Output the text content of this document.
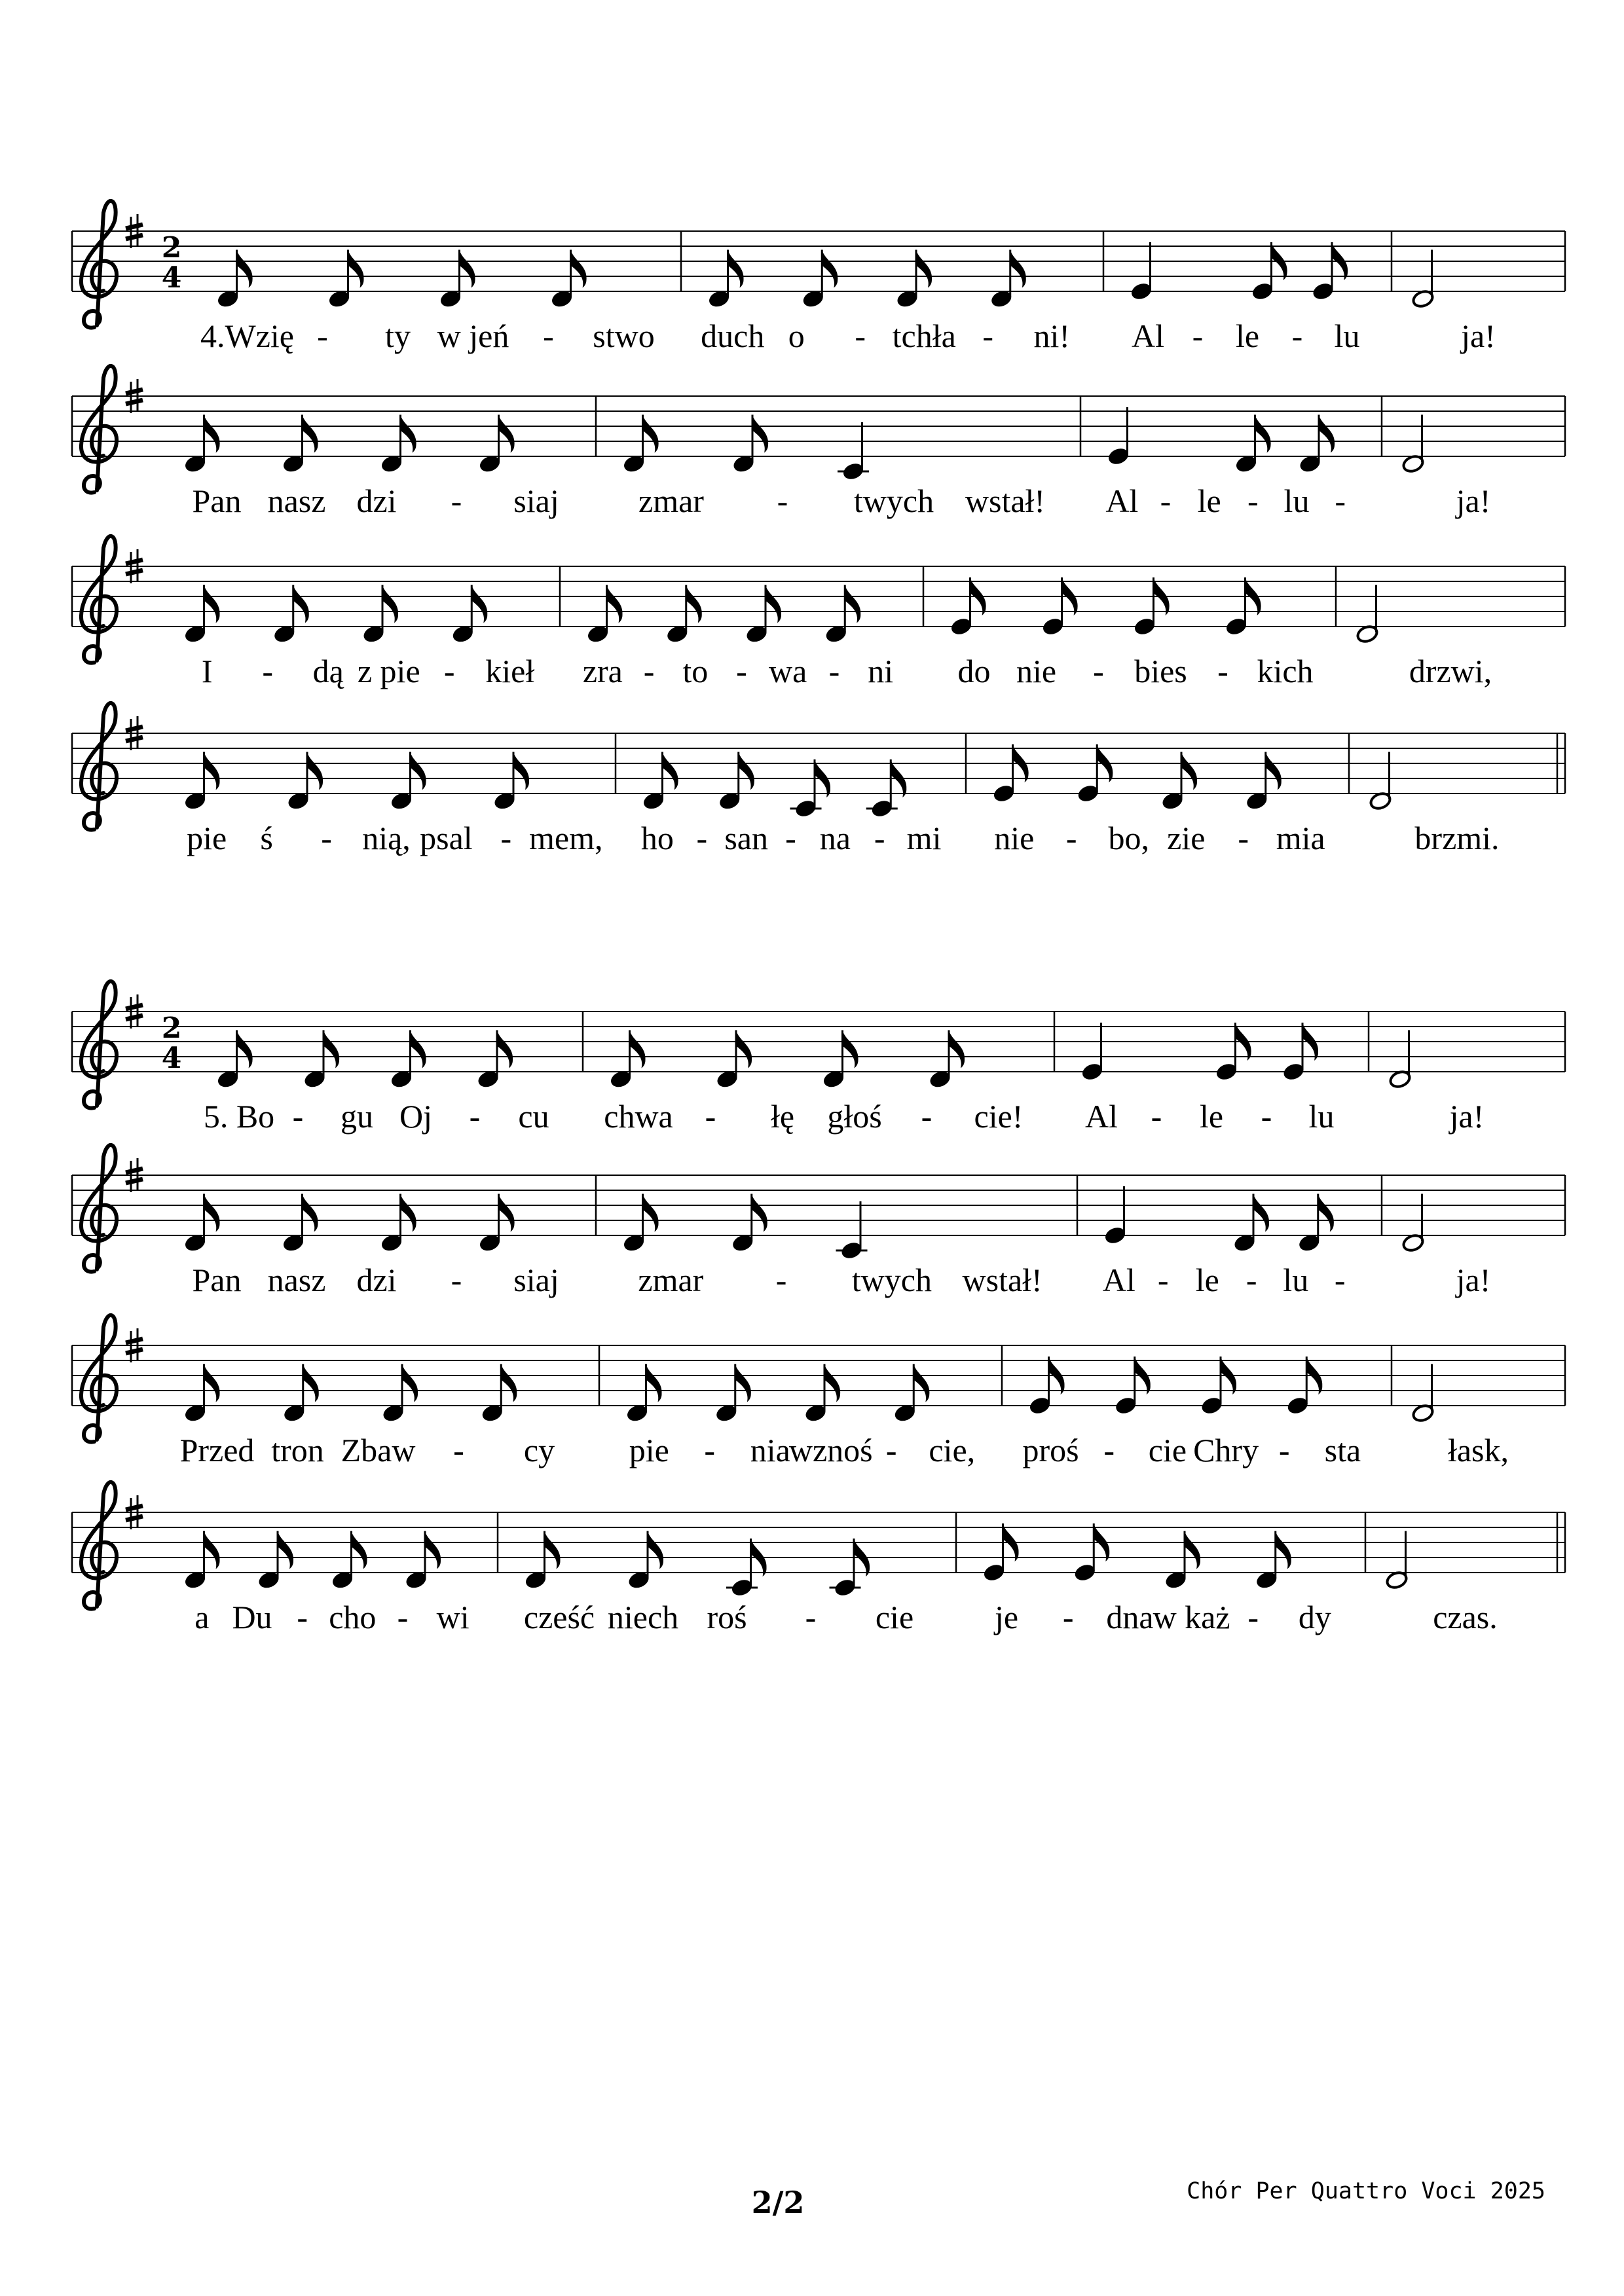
2
4
4.Wzię - ty w jeń - stwo duch o - tchła - ni! Al - le - lu	ja!
Pan nasz dzi - siaj zmar - twych wstał! Al - le - lu -	ja!
I - dą z pie - kieł zra - to - wa - ni do nie - bies - kich	drzwi,
pie ś - nią, psal - mem, ho - san - na - mi nie - bo, zie - mia	brzmi.
2
4
5. Bo - gu Oj - cu chwa - łę głoś - cie! Al - le - lu	ja!
Pan nasz dzi - siaj zmar - twych wstał! Al - le - lu -	ja!
Przed tron Zbaw - cy pie - nia
wznoś - cie, proś - cie Chry - sta	łask,
a Du - cho - wi cześć niech roś - cie je - dna w każ - dy	czas.
2/2	Chór Per Quattro Voci 2025
